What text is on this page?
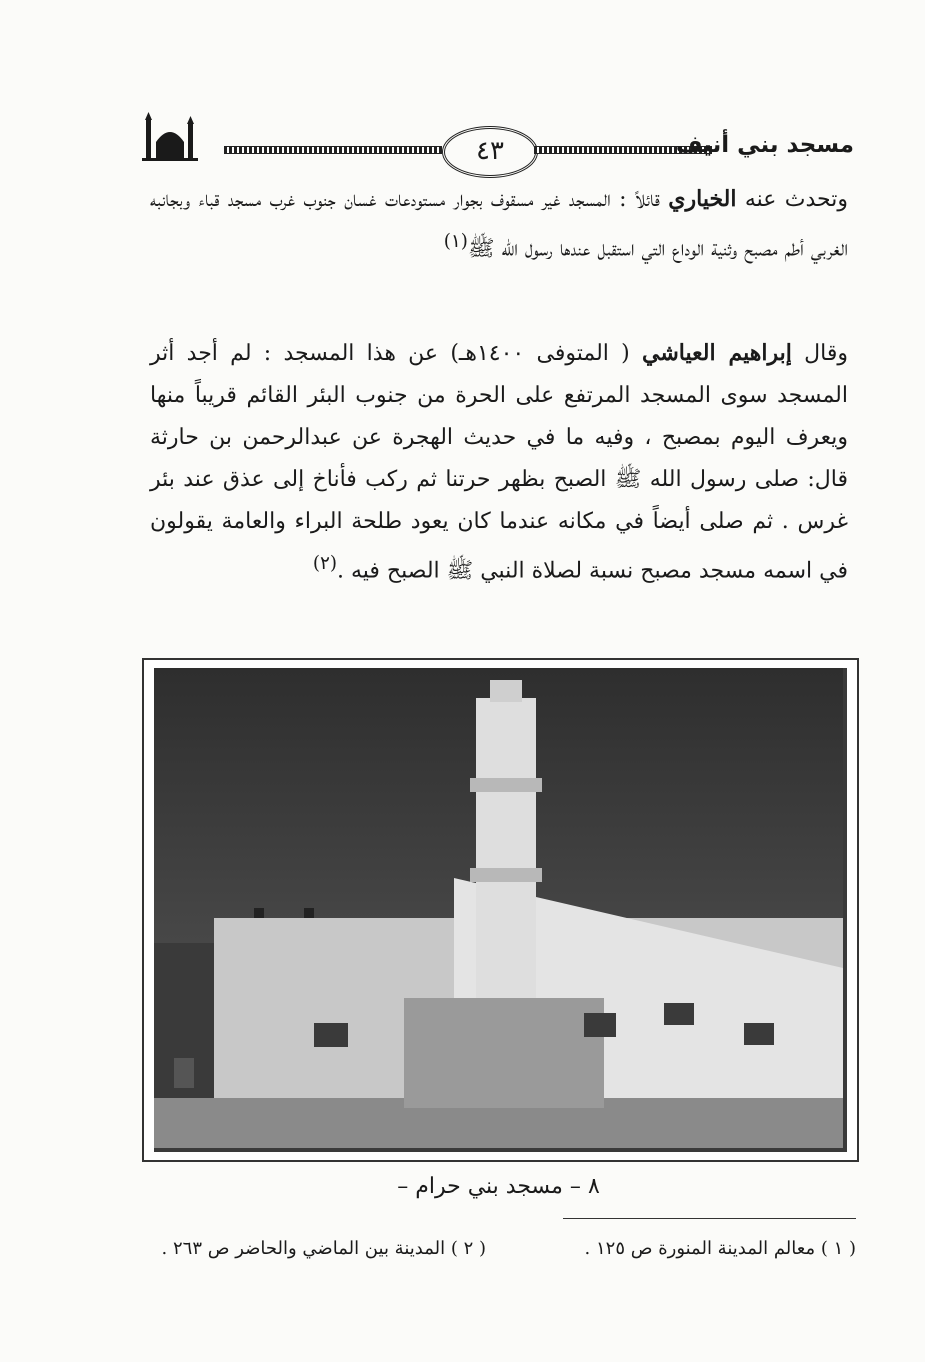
٤٣	مسجد بني أنيف
وتحدث عنه الخياري قائلاً : المسجد غير مسقوف بجوار مستودعات غسان جنوب غرب مسجد قباء وبجانبه الغربي أطم مصبح وثنية الوداع التي استقبل عندها رسول الله ﷺ$^{(١)}$
وقال إبراهيم العياشي ( المتوفى ١٤٠٠هـ) عن هذا المسجد : لم أجد أثر المسجد سوى المسجد المرتفع على الحرة من جنوب البئر القائم قريباً منها ويعرف اليوم بمصبح ، وفيه ما في حديث الهجرة عن عبدالرحمن بن حارثة قال: صلى رسول الله ﷺ الصبح بظهر حرتنا ثم ركب فأناخ إلى عذق عند بئر غرس . ثم صلى أيضاً في مكانه عندما كان يعود طلحة البراء والعامة يقولون في اسمه مسجد مصبح نسبة لصلاة النبي ﷺ الصبح فيه .$^{(٢)}$
٨ – مسجد بني حرام –
( ١ ) معالم المدينة المنورة ص ١٢٥ .
( ٢ ) المدينة بين الماضي والحاضر ص ٢٦٣ .
